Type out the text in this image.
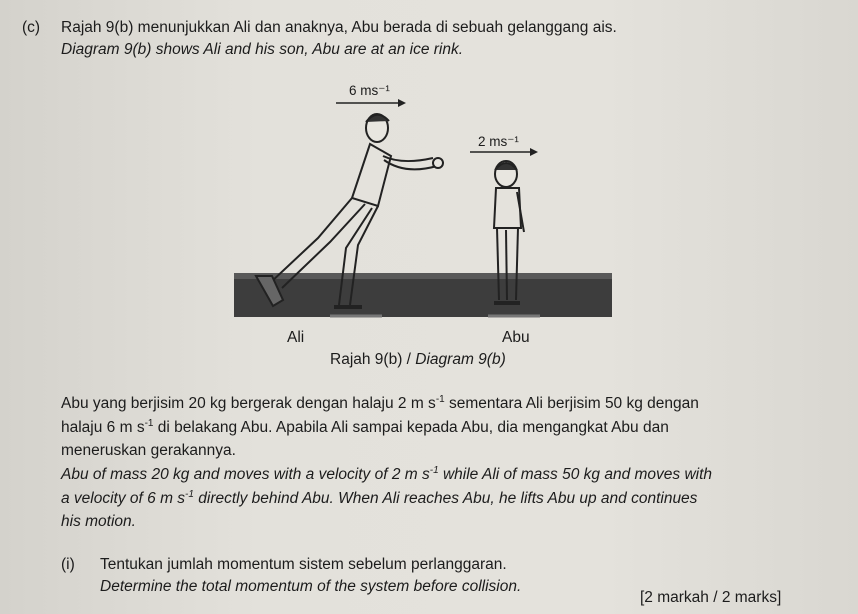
(c) Rajah 9(b) menunjukkan Ali dan anaknya, Abu berada di sebuah gelanggang ais.
Diagram 9(b) shows Ali and his son, Abu are at an ice rink.
6 ms⁻¹
2 ms⁻¹
Ali	Abu
Rajah 9(b) / Diagram 9(b)
Abu yang berjisim 20 kg bergerak dengan halaju 2 m $s^{-1}$ sementara Ali berjisim 50 kg dengan
halaju 6 m $s^{-1}$ di belakang Abu. Apabila Ali sampai kepada Abu, dia mengangkat Abu dan
meneruskan gerakannya.
Abu of mass 20 kg and moves with a velocity of 2 m $s^{-1}$ while Ali of mass 50 kg and moves with
a velocity of 6 m $s^{-1}$ directly behind Abu. When Ali reaches Abu, he lifts Abu up and continues
his motion.
(i) Tentukan jumlah momentum sistem sebelum perlanggaran.
Determine the total momentum of the system before collision.
[2 markah / 2 marks]
